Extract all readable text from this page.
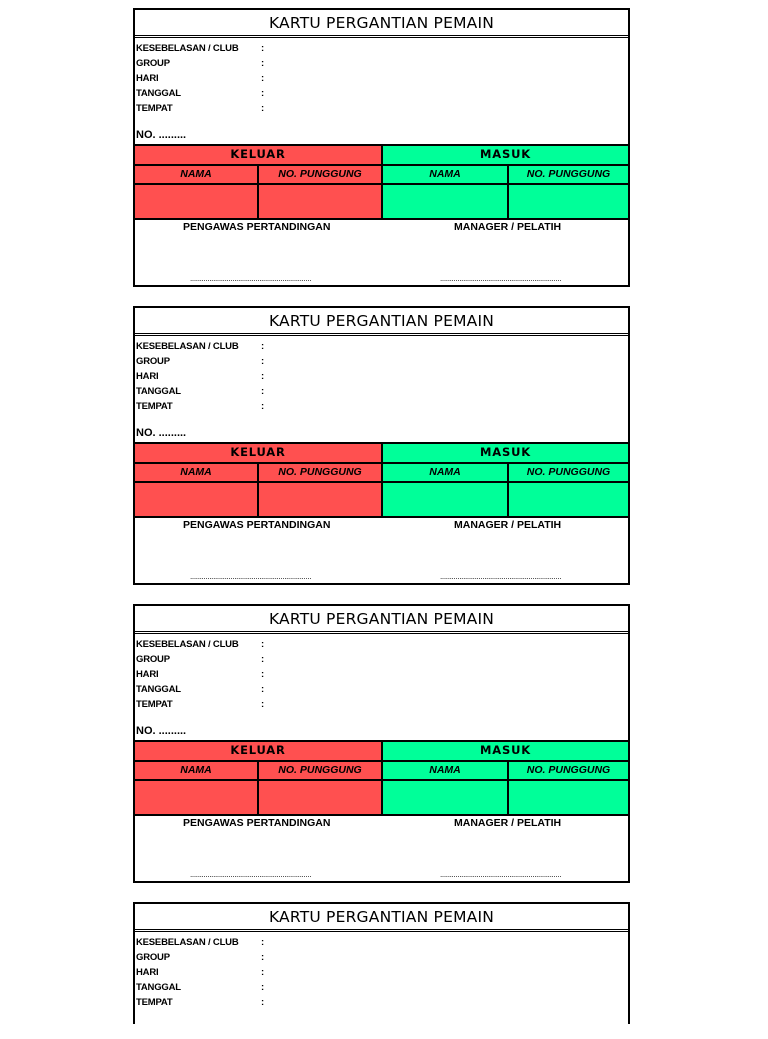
KARTU PERGANTIAN PEMAIN
KESEBELASAN / CLUB :
GROUP	:
HARI	:
TANGGAL	:
TEMPAT	:
NO. .........
KELUAR	MASUK
NAMA	NO. PUNGGUNG	NAMA	NO. PUNGGUNG
PENGAWAS PERTANDINGAN	MANAGER / PELATIH
...............................................................	...............................................................
KARTU PERGANTIAN PEMAIN
KESEBELASAN / CLUB :
GROUP	:
HARI	:
TANGGAL	:
TEMPAT	:
NO. .........
KELUAR	MASUK
NAMA	NO. PUNGGUNG	NAMA	NO. PUNGGUNG
PENGAWAS PERTANDINGAN	MANAGER / PELATIH
...............................................................	...............................................................
KARTU PERGANTIAN PEMAIN
KESEBELASAN / CLUB :
GROUP	:
HARI	:
TANGGAL	:
TEMPAT	:
NO. .........
KELUAR	MASUK
NAMA	NO. PUNGGUNG	NAMA	NO. PUNGGUNG
PENGAWAS PERTANDINGAN	MANAGER / PELATIH
...............................................................	...............................................................
KARTU PERGANTIAN PEMAIN
KESEBELASAN / CLUB :
GROUP	:
HARI	:
TANGGAL	:
TEMPAT	:
